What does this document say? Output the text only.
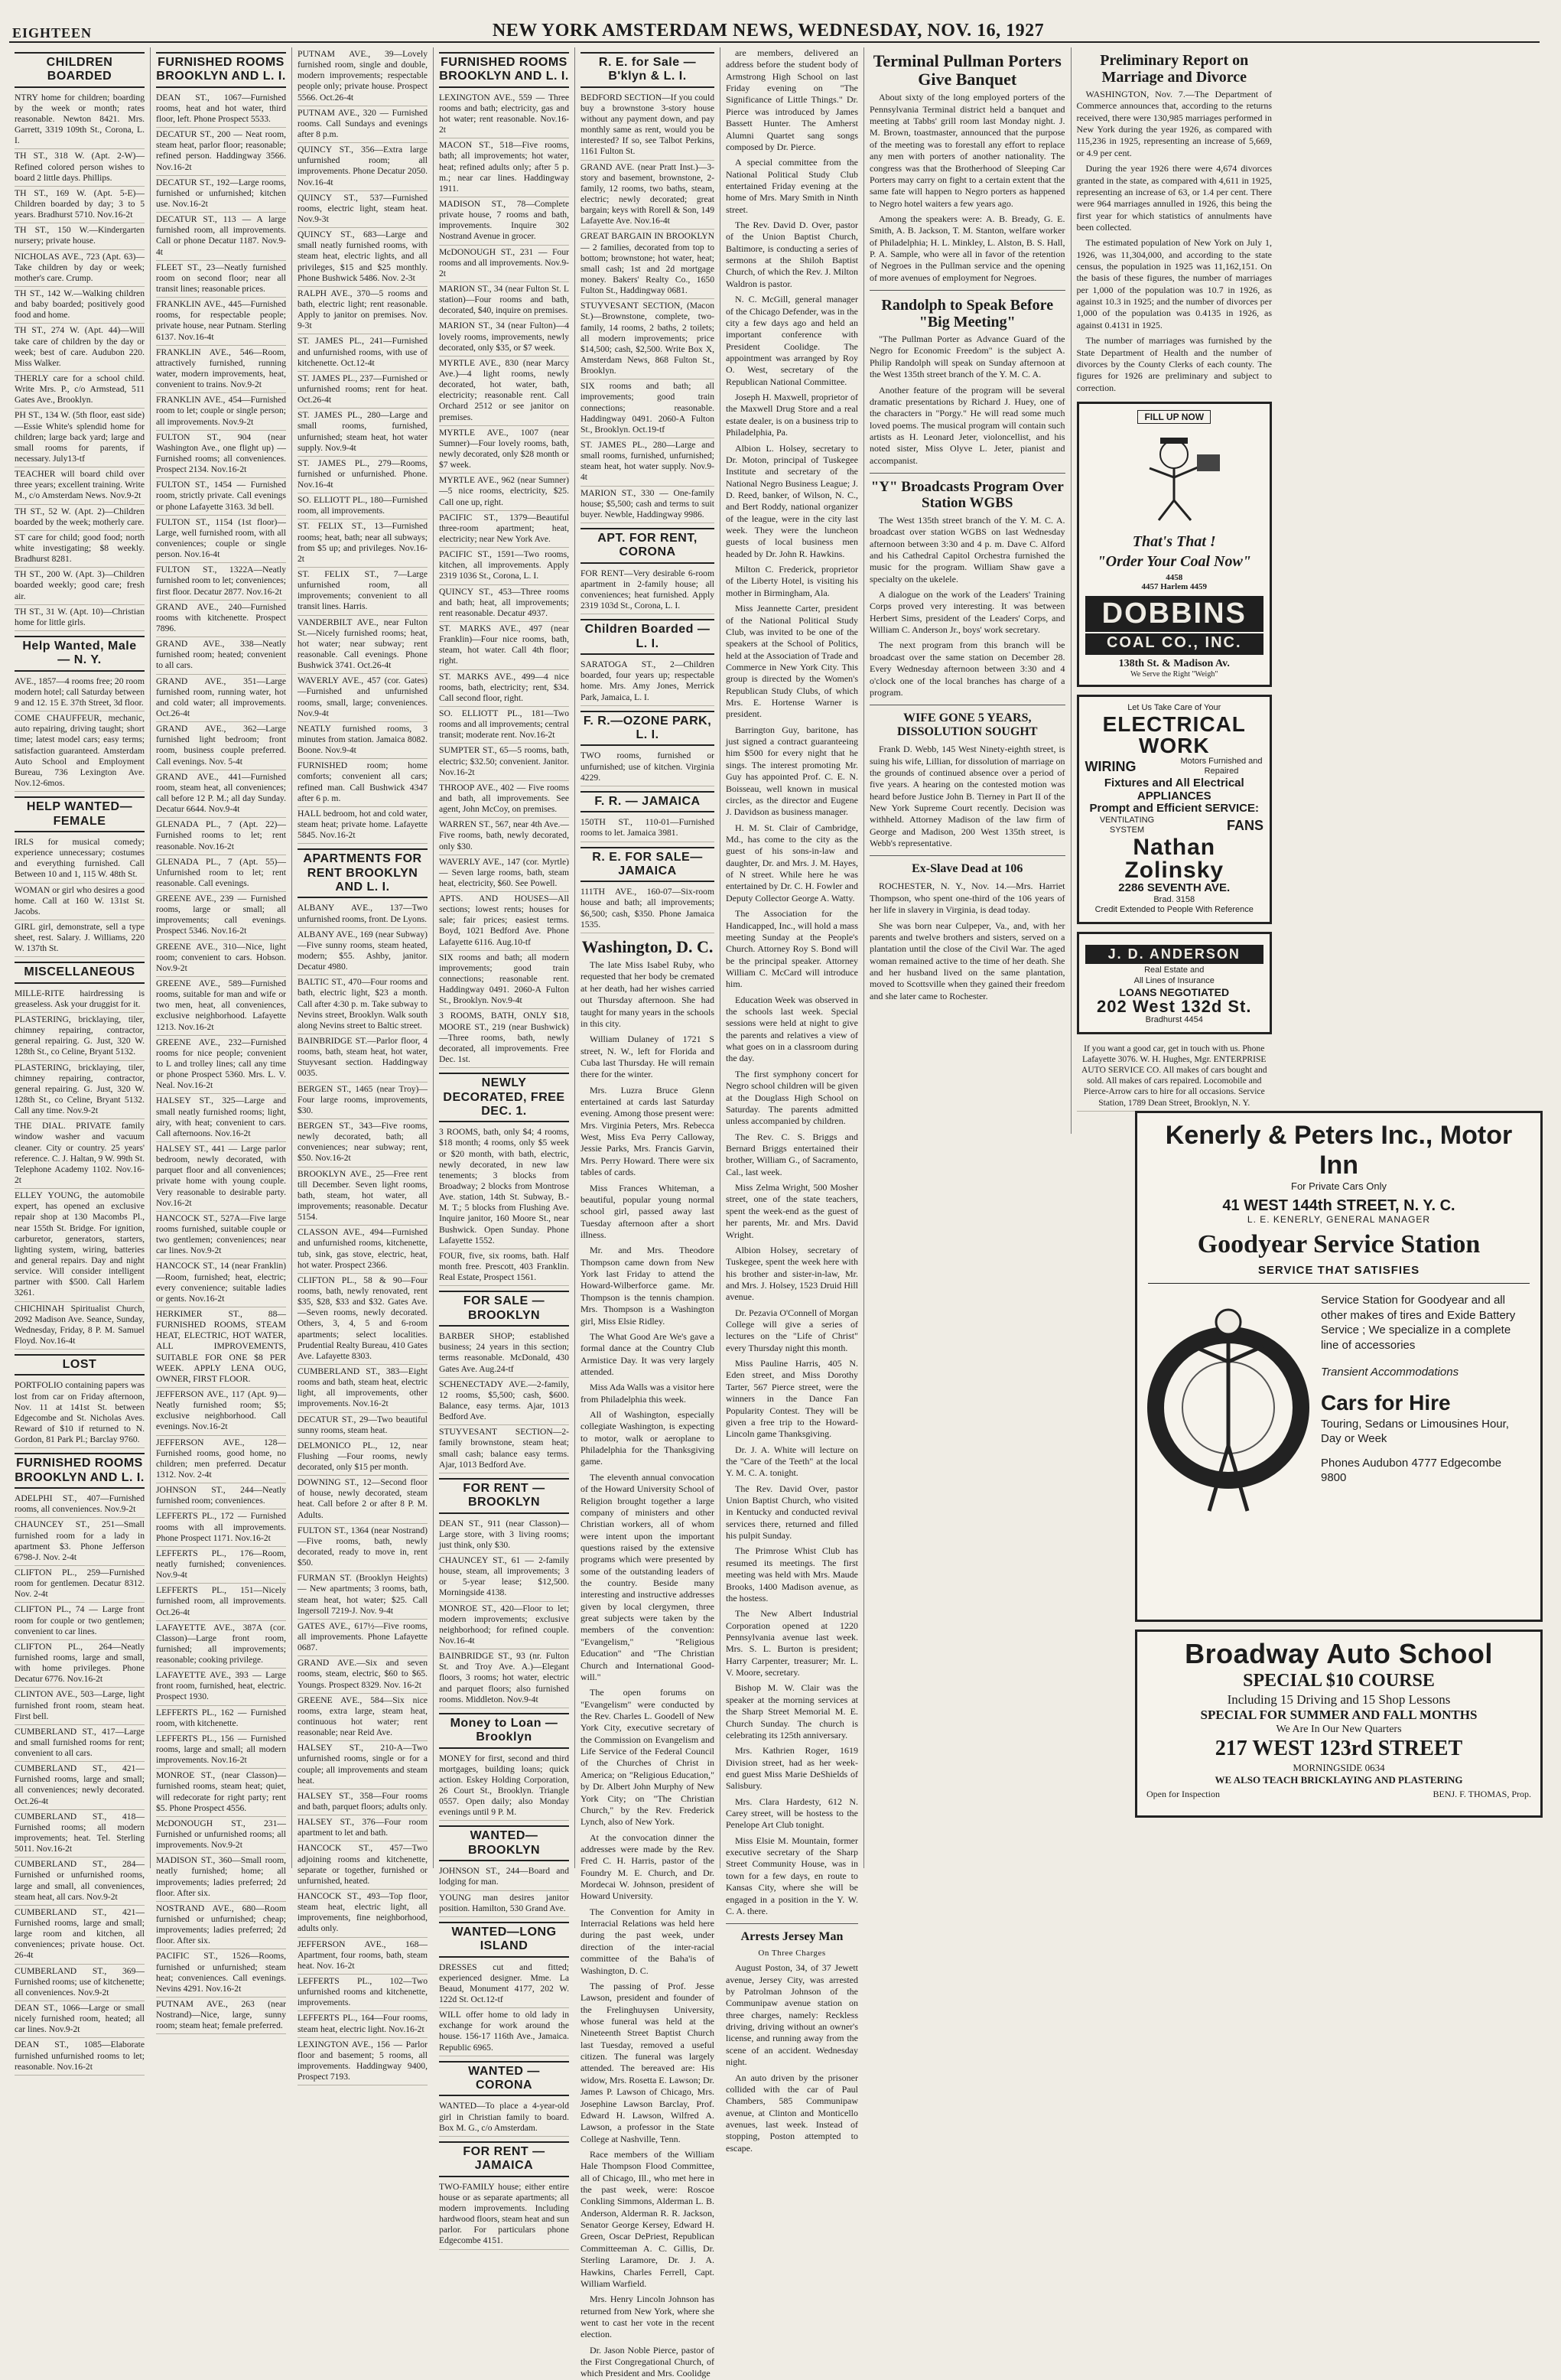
EIGHTEEN	NEW YORK AMSTERDAM NEWS, WEDNESDAY, NOV. 16, 1927
CHILDREN BOARDED
NTRY home for children; boarding by the week or month; rates reasonable. Newton 8421. Mrs. Garrett, 3319 109th St., Corona, L. I.
TH ST., 318 W. (Apt. 2-W)—Refined colored person wishes to board 2 little days. Phillips.
TH ST., 169 W. (Apt. 5-E)—Children boarded by day; 3 to 5 years. Bradhurst 5710. Nov.16-2t
TH ST., 150 W.—Kindergarten nursery; private house.
NICHOLAS AVE., 723 (Apt. 63)—Take children by day or week; mother's care. Crump.
TH ST., 142 W.—Walking children and baby boarded; positively good food and home.
TH ST., 274 W. (Apt. 44)—Will take care of children by the day or week; best of care. Audubon 220. Miss Walker.
THERLY care for a school child. Write Mrs. P., c/o Armstead, 511 Gates Ave., Brooklyn.
PH ST., 134 W. (5th floor, east side)—Essie White's splendid home for children; large back yard; large and small rooms for parents, if necessary. July13-tf
TEACHER will board child over three years; excellent training. Write M., c/o Amsterdam News. Nov.9-2t
TH ST., 52 W. (Apt. 2)—Children boarded by the week; motherly care.
ST care for child; good food; north white investigating; $8 weekly. Bradhurst 8281.
TH ST., 200 W. (Apt. 3)—Children boarded weekly; good care; fresh air.
TH ST., 31 W. (Apt. 10)—Christian home for little girls.
Help Wanted, Male — N. Y.
AVE., 1857—4 rooms free; 20 room modern hotel; call Saturday between 9 and 12. 15 E. 37th Street, 3d floor.
COME CHAUFFEUR, mechanic, auto repairing, driving taught; short time; latest model cars; easy terms; satisfaction guaranteed. Amsterdam Auto School and Employment Bureau, 736 Lexington Ave. Nov.12-6mos.
HELP WANTED—FEMALE
IRLS for musical comedy; experience unnecessary; costumes and everything furnished. Call Between 10 and 1, 115 W. 48th St.
WOMAN or girl who desires a good home. Call at 160 W. 131st St. Jacobs.
GIRL girl, demonstrate, sell a type sheet, rest. Salary. J. Williams, 220 W. 137th St.
MISCELLANEOUS
MILLE-RITE hairdressing is greaseless. Ask your druggist for it.
PLASTERING, bricklaying, tiler, chimney repairing, contractor, general repairing. G. Just, 320 W. 128th St., co Celine, Bryant 5132.
PLASTERING, bricklaying, tiler, chimney repairing, contractor, general repairing. G. Just, 320 W. 128th St., co Celine, Bryant 5132. Call any time. Nov.9-2t
THE DIAL. PRIVATE family window washer and vacuum cleaner. City or country. 25 years' reference. C. J. Haltan, 9 W. 99th St. Telephone Academy 1102. Nov.16-2t
ELLEY YOUNG, the automobile expert, has opened an exclusive repair shop at 130 Macombs Pl., near 155th St. Bridge. For ignition, carburetor, generators, starters, lighting system, wiring, batteries and general repairs. Day and night service. Will consider intelligent partner with $500. Call Harlem 3261.
CHICHINAH Spiritualist Church, 2092 Madison Ave. Seance, Sunday, Wednesday, Friday, 8 P. M. Samuel Floyd. Nov.16-4t
LOST
PORTFOLIO containing papers was lost from car on Friday afternoon, Nov. 11 at 141st St. between Edgecombe and St. Nicholas Aves. Reward of $10 if returned to N. Gordon, 81 Park Pl.; Barclay 9760.
FURNISHED ROOMS BROOKLYN AND L. I.
ADELPHI ST., 407—Furnished rooms, all conveniences. Nov.9-2t
CHAUNCEY ST., 251—Small furnished room for a lady in apartment $3. Phone Jefferson 6798-J. Nov. 2-4t
CLIFTON PL., 259—Furnished room for gentlemen. Decatur 8312. Nov. 2-4t
CLIFTON PL., 74 — Large front room for couple or two gentlemen; convenient to car lines.
CLIFTON PL., 264—Neatly furnished rooms, large and small, with home privileges. Phone Decatur 6776. Nov.16-2t
CLINTON AVE., 503—Large, light furnished front room, steam heat. First bell.
CUMBERLAND ST., 417—Large and small furnished rooms for rent; convenient to all cars.
CUMBERLAND ST., 421—Furnished rooms, large and small; all conveniences; newly decorated. Oct.26-4t
CUMBERLAND ST., 418—Furnished rooms; all modern improvements; heat. Tel. Sterling 5011. Nov.16-2t
CUMBERLAND ST., 284—Furnished or unfurnished rooms, large and small, all conveniences, steam heat, all cars. Nov.9-2t
CUMBERLAND ST., 421—Furnished rooms, large and small; large room and kitchen, all conveniences; private house. Oct. 26-4t
CUMBERLAND ST., 369—Furnished rooms; use of kitchenette; all conveniences. Nov.9-2t
DEAN ST., 1066—Large or small nicely furnished room, heated; all car lines. Nov.9-2t
DEAN ST., 1085—Elaborate furnished unfurnished rooms to let; reasonable. Nov.16-2t
FURNISHED ROOMS BROOKLYN AND L. I.
DEAN ST., 1067—Furnished rooms, heat and hot water, third floor, left. Phone Prospect 5533.
DECATUR ST., 200 — Neat room, steam heat, parlor floor; reasonable; refined person. Haddingway 3566. Nov.16-2t
DECATUR ST., 192—Large rooms, furnished or unfurnished; kitchen use. Nov.16-2t
DECATUR ST., 113 — A large furnished room, all improvements. Call or phone Decatur 1187. Nov.9-4t
FLEET ST., 23—Neatly furnished room on second floor; near all transit lines; reasonable prices.
FRANKLIN AVE., 445—Furnished rooms, for respectable people; private house, near Putnam. Sterling 6137. Nov.16-4t
FRANKLIN AVE., 546—Room, attractively furnished, running water, modern improvements, heat, convenient to trains. Nov.9-2t
FRANKLIN AVE., 454—Furnished room to let; couple or single person; all improvements. Nov.9-2t
FULTON ST., 904 (near Washington Ave., one flight up) — Furnished rooms; all conveniences. Prospect 2134. Nov.16-2t
FULTON ST., 1454 — Furnished room, strictly private. Call evenings or phone Lafayette 3163. 3d bell.
FULTON ST., 1154 (1st floor)—Large, well furnished room, with all conveniences; couple or single person. Nov.16-4t
FULTON ST., 1322A—Neatly furnished room to let; conveniences; first floor. Decatur 2877. Nov.16-2t
GRAND AVE., 240—Furnished rooms with kitchenette. Prospect 7896.
GRAND AVE., 338—Neatly furnished room; heated; convenient to all cars.
GRAND AVE., 351—Large furnished room, running water, hot and cold water; all improvements. Oct.26-4t
GRAND AVE., 362—Large furnished light bedroom; front room, business couple preferred. Call evenings. Nov. 5-4t
GRAND AVE., 441—Furnished room, steam heat, all conveniences; call before 12 P. M.; all day Sunday. Decatur 6644. Nov.9-4t
GLENADA PL., 7 (Apt. 22)—Furnished rooms to let; rent reasonable. Nov.16-2t
GLENADA PL., 7 (Apt. 55)—Unfurnished room to let; rent reasonable. Call evenings.
GREENE AVE., 239 — Furnished rooms, large or small; all improvements; call evenings. Prospect 5346. Nov.16-2t
GREENE AVE., 310—Nice, light room; convenient to cars. Hobson. Nov.9-2t
GREENE AVE., 589—Furnished rooms, suitable for man and wife or two men, heat, all conveniences, exclusive neighborhood. Lafayette 1213. Nov.16-2t
GREENE AVE., 232—Furnished rooms for nice people; convenient to L and trolley lines; call any time or phone Prospect 5360. Mrs. L. V. Neal. Nov.16-2t
HALSEY ST., 325—Large and small neatly furnished rooms; light, airy, with heat; convenient to cars. Call afternoons. Nov.16-2t
HALSEY ST., 441 — Large parlor bedroom, newly decorated, with parquet floor and all conveniences; private home with young couple. Very reasonable to desirable party. Nov.16-2t
HANCOCK ST., 527A—Five large rooms furnished, suitable couple or two gentlemen; conveniences; near car lines. Nov.9-2t
HANCOCK ST., 14 (near Franklin) —Room, furnished; heat, electric; every convenience; suitable ladies or gents. Nov.16-2t
HERKIMER ST., 88—FURNISHED ROOMS, STEAM HEAT, ELECTRIC, HOT WATER, ALL IMPROVEMENTS, SUITABLE FOR ONE $8 PER WEEK. APPLY LENA OUG, OWNER, FIRST FLOOR.
JEFFERSON AVE., 117 (Apt. 9)—Neatly furnished room; $5; exclusive neighborhood. Call evenings. Nov.16-2t
JEFFERSON AVE., 128—Furnished rooms, good home, no children; men preferred. Decatur 1312. Nov. 2-4t
JOHNSON ST., 244—Neatly furnished room; conveniences.
LEFFERTS PL., 172 — Furnished rooms with all improvements. Phone Prospect 1171. Nov.16-2t
LEFFERTS PL., 176—Room, neatly furnished; conveniences. Nov.9-4t
LEFFERTS PL., 151—Nicely furnished room, all improvements. Oct.26-4t
LAFAYETTE AVE., 387A (cor. Classon)—Large front room, furnished; all improvements; reasonable; cooking privilege.
LAFAYETTE AVE., 393 — Large front room, furnished, heat, electric. Prospect 1930.
LEFFERTS PL., 162 — Furnished room, with kitchenette.
LEFFERTS PL., 156 — Furnished rooms, large and small; all modern improvements. Nov.16-2t
MONROE ST., (near Classon)—furnished rooms, steam heat; quiet, will redecorate for right party; rent $5. Phone Prospect 4556.
McDONOUGH ST., 231—Furnished or unfurnished rooms; all improvements. Nov.9-2t
MADISON ST., 360—Small room, neatly furnished; home; all improvements; ladies preferred; 2d floor. After six.
NOSTRAND AVE., 680—Room furnished or unfurnished; cheap; improvements; ladies preferred; 2d floor. After six.
PACIFIC ST., 1526—Rooms, furnished or unfurnished; steam heat; conveniences. Call evenings. Nevins 4291. Nov.16-2t
PUTNAM AVE., 263 (near Nostrand)—Nice, large, sunny room; steam heat; female preferred.
PUTNAM AVE., 39—Lovely furnished room, single and double, modern improvements; respectable people only; private house. Prospect 5566. Oct.26-4t
PUTNAM AVE., 320 — Furnished rooms. Call Sundays and evenings after 8 p.m.
QUINCY ST., 356—Extra large unfurnished room; all improvements. Phone Decatur 2050. Nov.16-4t
QUINCY ST., 537—Furnished rooms, electric light, steam heat. Nov.9-3t
QUINCY ST., 683—Large and small neatly furnished rooms, with steam heat, electric lights, and all privileges, $15 and $25 monthly. Phone Bushwick 5486. Nov. 2-3t
RALPH AVE., 370—5 rooms and bath, electric light; rent reasonable. Apply to janitor on premises. Nov. 9-3t
ST. JAMES PL., 241—Furnished and unfurnished rooms, with use of kitchenette. Oct.12-4t
ST. JAMES PL., 237—Furnished or unfurnished rooms; rent for heat. Oct.26-4t
ST. JAMES PL., 280—Large and small rooms, furnished, unfurnished; steam heat, hot water supply. Nov.9-4t
ST. JAMES PL., 279—Rooms, furnished or unfurnished. Phone. Nov.16-4t
SO. ELLIOTT PL., 180—Furnished room, all improvements.
ST. FELIX ST., 13—Furnished rooms; heat, bath; near all subways; from $5 up; and privileges. Nov.16-2t
ST. FELIX ST., 7—Large unfurnished room, all improvements; convenient to all transit lines. Harris.
VANDERBILT AVE., near Fulton St.—Nicely furnished rooms; heat, hot water; near subway; rent reasonable. Call evenings. Phone Bushwick 3741. Oct.26-4t
WAVERLY AVE., 457 (cor. Gates) —Furnished and unfurnished rooms, small, large; conveniences. Nov.9-4t
NEATLY furnished rooms, 3 minutes from station. Jamaica 8082. Boone. Nov.9-4t
FURNISHED room; home comforts; convenient all cars; refined man. Call Bushwick 4347 after 6 p. m.
HALL bedroom, hot and cold water, steam heat; private home. Lafayette 5845. Nov.16-2t
APARTMENTS FOR RENT BROOKLYN AND L. I.
ALBANY AVE., 137—Two unfurnished rooms, front. De Lyons.
ALBANY AVE., 169 (near Subway) —Five sunny rooms, steam heated, modern; $55. Ashby, janitor. Decatur 4980.
BALTIC ST., 470—Four rooms and bath, electric light, $23 a month. Call after 4:30 p. m. Take subway to Nevins street, Brooklyn. Walk south along Nevins street to Baltic street.
BAINBRIDGE ST.—Parlor floor, 4 rooms, bath, steam heat, hot water, Stuyvesant section. Haddingway 0035.
BERGEN ST., 1465 (near Troy)—Four large rooms, improvements, $30.
BERGEN ST., 343—Five rooms, newly decorated, bath; all conveniences; near subway; rent, $50. Nov.16-2t
BROOKLYN AVE., 25—Free rent till December. Seven light rooms, bath, steam, hot water, all improvements; reasonable. Decatur 5154.
CLASSON AVE., 494—Furnished and unfurnished rooms, kitchenette, tub, sink, gas stove, electric, heat, hot water. Prospect 2366.
CLIFTON PL., 58 & 90—Four rooms, bath, newly renovated, rent $35, $28, $33 and $32. Gates Ave. —Seven rooms, newly decorated. Others, 3, 4, 5 and 6-room apartments; select localities. Prudential Realty Bureau, 410 Gates Ave. Lafayette 8303.
CUMBERLAND ST., 383—Eight rooms and bath, steam heat, electric light, all improvements, other improvements. Nov.16-2t
DECATUR ST., 29—Two beautiful sunny rooms, steam heat.
DELMONICO PL., 12, near Flushing —Four rooms, newly decorated, only $15 per month.
DOWNING ST., 12—Second floor of house, newly decorated, steam heat. Call before 2 or after 8 P. M. Adults.
FULTON ST., 1364 (near Nostrand) —Five rooms, bath, newly decorated, ready to move in, rent $50.
FURMAN ST. (Brooklyn Heights)— New apartments; 3 rooms, bath, steam heat, hot water; $25. Call Ingersoll 7219-J. Nov. 9-4t
GATES AVE., 617½—Five rooms, all improvements. Phone Lafayette 0687.
GRAND AVE.—Six and seven rooms, steam, electric, $60 to $65. Youngs. Prospect 8329. Nov. 16-2t
GREENE AVE., 584—Six nice rooms, extra large, steam heat, continuous hot water; rent reasonable; near Reid Ave.
HALSEY ST., 210-A—Two unfurnished rooms, single or for a couple; all improvements and steam heat.
HALSEY ST., 358—Four rooms and bath, parquet floors; adults only.
HALSEY ST., 376—Four room apartment to let and bath.
HANCOCK ST., 457—Two adjoining rooms and kitchenette, separate or together, furnished or unfurnished, heated.
HANCOCK ST., 493—Top floor, steam heat, electric light, all improvements, fine neighborhood, adults only.
JEFFERSON AVE., 168—Apartment, four rooms, bath, steam heat. Nov. 16-2t
LEFFERTS PL., 102—Two unfurnished rooms and kitchenette, improvements.
LEFFERTS PL., 164—Four rooms, steam heat, electric light. Nov.16-2t
LEXINGTON AVE., 156 — Parlor floor and basement; 5 rooms, all improvements. Haddingway 9400, Prospect 7193.
FURNISHED ROOMS BROOKLYN AND L. I.
LEXINGTON AVE., 559 — Three rooms and bath; electricity, gas and hot water; rent reasonable. Nov.16-2t
MACON ST., 518—Five rooms, bath; all improvements; hot water, heat; refined adults only; after 5 p. m.; near car lines. Haddingway 1911.
MADISON ST., 78—Complete private house, 7 rooms and bath, improvements. Inquire 302 Nostrand Avenue in grocer.
McDONOUGH ST., 231 — Four rooms and all improvements. Nov.9-2t
MARION ST., 34 (near Fulton St. L station)—Four rooms and bath, decorated, $40, inquire on premises.
MARION ST., 34 (near Fulton)—4 lovely rooms, improvements, newly decorated, only $35, or $7 week.
MYRTLE AVE., 830 (near Marcy Ave.)—4 light rooms, newly decorated, hot water, bath, electricity; reasonable rent. Call Orchard 2512 or see janitor on premises.
MYRTLE AVE., 1007 (near Sumner)—Four lovely rooms, bath, newly decorated, only $28 month or $7 week.
MYRTLE AVE., 962 (near Sumner) —5 nice rooms, electricity, $25. Call one up, right.
PACIFIC ST., 1379—Beautiful three-room apartment; heat, electricity; near New York Ave.
PACIFIC ST., 1591—Two rooms, kitchen, all improvements. Apply 2319 1036 St., Corona, L. I.
QUINCY ST., 453—Three rooms and bath; heat, all improvements; rent reasonable. Decatur 4937.
ST. MARKS AVE., 497 (near Franklin)—Four nice rooms, bath, steam, hot water. Call 4th floor; right.
ST. MARKS AVE., 499—4 nice rooms, bath, electricity; rent, $34. Call second floor, right.
SO. ELLIOTT PL., 181—Two rooms and all improvements; central transit; moderate rent. Nov.16-2t
SUMPTER ST., 65—5 rooms, bath, electric; $32.50; convenient. Janitor. Nov.16-2t
THROOP AVE., 402 — Five rooms and bath, all improvements. See agent, John McCoy, on premises.
WARREN ST., 567, near 4th Ave.—Five rooms, bath, newly decorated, only $30.
WAVERLY AVE., 147 (cor. Myrtle) — Seven large rooms, bath, steam heat, electricity, $60. See Powell.
APTS. AND HOUSES—All sections; lowest rents; houses for sale; fair prices; easiest terms. Boyd, 1021 Bedford Ave. Phone Lafayette 6116. Aug.10-tf
SIX rooms and bath; all modern improvements; good train connections; reasonable rent. Haddingway 0491. 2060-A Fulton St., Brooklyn. Nov.9-4t
3 ROOMS, BATH, ONLY $18, MOORE ST., 219 (near Bushwick)—Three rooms, bath, newly decorated, all improvements. Free Dec. 1st.
NEWLY DECORATED, FREE DEC. 1.
3 ROOMS, bath, only $4; 4 rooms, $18 month; 4 rooms, only $5 week or $20 month, with bath, electric, newly decorated, in new law tenements; 3 blocks from Broadway; 2 blocks from Montrose Ave. station, 14th St. Subway, B.-M. T.; 5 blocks from Flushing Ave. Inquire janitor, 160 Moore St., near Bushwick. Open Sunday. Phone Lafayette 1552.
FOUR, five, six rooms, bath. Half month free. Prescott, 403 Franklin. Real Estate, Prospect 1561.
FOR SALE — BROOKLYN
BARBER SHOP; established business; 24 years in this section; terms reasonable. McDonald, 430 Gates Ave. Aug.24-tf
SCHENECTADY AVE.—2-family, 12 rooms, $5,500; cash, $600. Balance, easy terms. Ajar, 1013 Bedford Ave.
STUYVESANT SECTION—2-family brownstone, steam heat; small cash; balance easy terms. Ajar, 1013 Bedford Ave.
FOR RENT — BROOKLYN
DEAN ST., 911 (near Classon)—Large store, with 3 living rooms; just think, only $30.
CHAUNCEY ST., 61 — 2-family house, steam, all improvements; 3 or 5-year lease; $12,500. Morningside 4138.
MONROE ST., 420—Floor to let; modern improvements; exclusive neighborhood; for refined couple. Nov.16-4t
BAINBRIDGE ST., 93 (nr. Fulton St. and Troy Ave. A.)—Elegant floors, 3 rooms; hot water, electric and parquet floors; also furnished rooms. Middleton. Nov.9-4t
Money to Loan — Brooklyn
MONEY for first, second and third mortgages, building loans; quick action. Eskey Holding Corporation, 26 Court St., Brooklyn. Triangle 0557. Open daily; also Monday evenings until 9 P. M.
WANTED—BROOKLYN
JOHNSON ST., 244—Board and lodging for man.
YOUNG man desires janitor position. Hamilton, 530 Grand Ave.
WANTED—LONG ISLAND
DRESSES cut and fitted; experienced designer. Mme. La Beaud, Monument 4177, 202 W. 122d St. Oct.12-tf
WILL offer home to old lady in exchange for work around the house. 156-17 116th Ave., Jamaica. Republic 6965.
WANTED — CORONA
WANTED—To place a 4-year-old girl in Christian family to board. Box M. G., c/o Amsterdam.
FOR RENT — JAMAICA
TWO-FAMILY house; either entire house or as separate apartments; all modern improvements. Including hardwood floors, steam heat and sun parlor. For particulars phone Edgecombe 4151.
R. E. for Sale — B'klyn & L. I.
BEDFORD SECTION—If you could buy a brownstone 3-story house without any payment down, and pay monthly same as rent, would you be interested? If so, see Talbot Perkins, 1161 Fulton St.
GRAND AVE. (near Pratt Inst.)—3-story and basement, brownstone, 2-family, 12 rooms, two baths, steam, electric; newly decorated; great bargain; keys with Rorell & Son, 149 Lafayette Ave. Nov.16-4t
GREAT BARGAIN IN BROOKLYN — 2 families, decorated from top to bottom; brownstone; hot water, heat; small cash; 1st and 2d mortgage money. Bakers' Realty Co., 1650 Fulton St., Haddingway 0681.
STUYVESANT SECTION, (Macon St.)—Brownstone, complete, two-family, 14 rooms, 2 baths, 2 toilets; all modern improvements; price $14,500; cash, $2,500. Write Box X, Amsterdam News, 868 Fulton St., Brooklyn.
SIX rooms and bath; all improvements; good train connections; reasonable. Haddingway 0491. 2060-A Fulton St., Brooklyn. Oct.19-tf
ST. JAMES PL., 280—Large and small rooms, furnished, unfurnished; steam heat, hot water supply. Nov.9-4t
MARION ST., 330 — One-family house; $5,500; cash and terms to suit buyer. Newble, Haddingway 9986.
APT. FOR RENT, CORONA
FOR RENT—Very desirable 6-room apartment in 2-family house; all conveniences; heat furnished. Apply 2319 103d St., Corona, L. I.
Children Boarded — L. I.
SARATOGA ST., 2—Children boarded, four years up; respectable home. Mrs. Amy Jones, Merrick Park, Jamaica, L. I.
F. R.—OZONE PARK, L. I.
TWO rooms, furnished or unfurnished; use of kitchen. Virginia 4229.
F. R. — JAMAICA
150TH ST., 110-01—Furnished rooms to let. Jamaica 3981.
R. E. FOR SALE—JAMAICA
111TH AVE., 160-07—Six-room house and bath; all improvements; $6,500; cash, $350. Phone Jamaica 1535.
Washington, D. C.

The late Miss Isabel Ruby, who requested that her body be cremated at her death, had her wishes carried out Thursday afternoon. She had taught for many years in the schools in this city.

William Dulaney of 1721 S street, N. W., left for Florida and Cuba last Thursday. He will remain there for the winter.

Mrs. Luzra Bruce Glenn entertained at cards last Saturday evening. Among those present were: Mrs. Virginia Peters, Mrs. Rebecca West, Miss Eva Perry Calloway, Jessie Parks, Mrs. Francis Garvin, Mrs. Perry Howard. There were six tables of cards.

Miss Frances Whiteman, a beautiful, popular young normal school girl, passed away last Tuesday afternoon after a short illness.

Mr. and Mrs. Theodore Thompson came down from New York last Friday to attend the Howard-Wilberforce game. Mr. Thompson is the tennis champion. Mrs. Thompson is a Washington girl, Miss Elsie Ridley.

The What Good Are We's gave a formal dance at the Country Club Armistice Day. It was very largely attended.

Miss Ada Walls was a visitor here from Philadelphia this week.

All of Washington, especially collegiate Washington, is expecting to motor, walk or aeroplane to Philadelphia for the Thanksgiving game.

The eleventh annual convocation of the Howard University School of Religion brought together a large company of ministers and other Christian workers, all of whom were intent upon the important questions raised by the extensive programs which were presented by some of the outstanding leaders of the country. Beside many interesting and instructive addresses given by local clergymen, three great subjects were taken by the members of the convention: "Evangelism," "Religious Education" and "The Christian Church and International Good-will."

The open forums on "Evangelism" were conducted by the Rev. Charles L. Goodell of New York City, executive secretary of the Commission on Evangelism and Life Service of the Federal Council of the Churches of Christ in America; on "Religious Education," by Dr. Albert John Murphy of New York City; on "The Christian Church," by the Rev. Frederick Lynch, also of New York.

At the convocation dinner the addresses were made by the Rev. Fred C. H. Harris, pastor of the Foundry M. E. Church, and Dr. Mordecai W. Johnson, president of Howard University.

The Convention for Amity in Interracial Relations was held here during the past week, under direction of the inter-racial committee of the Baha'is of Washington, D. C.

The passing of Prof. Jesse Lawson, president and founder of the Frelinghuysen University, whose funeral was held at the Nineteenth Street Baptist Church last Tuesday, removed a useful citizen. The funeral was largely attended. The bereaved are: His widow, Mrs. Rosetta E. Lawson; Dr. James P. Lawson of Chicago, Mrs. Josephine Lawson Barclay, Prof. Edward H. Lawson, Wilfred A. Lawson, a professor in the State College at Nashville, Tenn.

Race members of the William Hale Thompson Flood Committee, all of Chicago, Ill., who met here in the past week, were: Roscoe Conkling Simmons, Alderman L. B. Anderson, Alderman R. R. Jackson, Senator George Kersey, Edward H. Green, Oscar DePriest, Republican Committeeman A. C. Gillis, Dr. Sterling Laramore, Dr. J. A. Hawkins, Charles Ferrell, Capt. William Warfield.

Mrs. Henry Lincoln Johnson has returned from New York, where she went to cast her vote in the recent election.

Dr. Jason Noble Pierce, pastor of the First Congregational Church, of which President and Mrs. Coolidge

are members, delivered an address before the student body of Armstrong High School on last Friday evening on "The Significance of Little Things." Dr. Pierce was introduced by James Bassett Hunter. The Amherst Alumni Quartet sang songs composed by Dr. Pierce.

A special committee from the National Political Study Club entertained Friday evening at the home of Mrs. Mary Smith in Ninth street.

The Rev. David D. Over, pastor of the Union Baptist Church, Baltimore, is conducting a series of sermons at the Shiloh Baptist Church, of which the Rev. J. Milton Waldron is pastor.

N. C. McGill, general manager of the Chicago Defender, was in the city a few days ago and held an important conference with President Coolidge. The appointment was arranged by Roy O. West, secretary of the Republican National Committee.

Joseph H. Maxwell, proprietor of the Maxwell Drug Store and a real estate dealer, is on a business trip to Philadelphia, Pa.

Albion L. Holsey, secretary to Dr. Moton, principal of Tuskegee Institute and secretary of the National Negro Business League; J. D. Reed, banker, of Wilson, N. C., and Bert Roddy, national organizer of the league, were in the city last week. They were the luncheon guests of local business men headed by Dr. John R. Hawkins.

Milton C. Frederick, proprietor of the Liberty Hotel, is visiting his mother in Birmingham, Ala.

Miss Jeannette Carter, president of the National Political Study Club, was invited to be one of the speakers at the School of Politics, held at the Association of Trade and Commerce in New York City. This group is directed by the Women's Republican Study Clubs, of which Mrs. E. Hortense Warner is president.

Barrington Guy, baritone, has just signed a contract guaranteeing him $500 for every night that he sings. The interest promoting Mr. Guy has appointed Prof. C. E. N. Boisseau, well known in musical circles, as the director and Eugene J. Davidson as business manager.

H. M. St. Clair of Cambridge, Md., has come to the city as the guest of his sons-in-law and daughter, Dr. and Mrs. J. M. Hayes, of N street. While here he was entertained by Dr. C. H. Fowler and Deputy Collector George A. Watty.

The Association for the Handicapped, Inc., will hold a mass meeting Sunday at the People's Church. Attorney Roy S. Bond will be the principal speaker. Attorney William C. McCard will introduce him.

Education Week was observed in the schools last week. Special sessions were held at night to give the parents and relatives a view of what goes on in a classroom during the day.

The first symphony concert for Negro school children will be given at the Douglass High School on Saturday. The parents admitted unless accompanied by children.

The Rev. C. S. Briggs and Bernard Briggs entertained their brother, William G., of Sacramento, Cal., last week.

Miss Zelma Wright, 500 Mosher street, one of the state teachers, spent the week-end as the guest of her parents, Mr. and Mrs. David Wright.

Albion Holsey, secretary of Tuskegee, spent the week here with his brother and sister-in-law, Mr. and Mrs. J. Holsey, 1523 Druid Hill avenue.

Dr. Pezavia O'Connell of Morgan College will give a series of lectures on the "Life of Christ" every Thursday night this month.

Miss Pauline Harris, 405 N. Eden street, and Miss Dorothy Tarter, 567 Pierce street, were the winners in the Dance Fan Popularity Contest. They will be given a free trip to the Howard-Lincoln game Thanksgiving.

Dr. J. A. White will lecture on the "Care of the Teeth" at the local Y. M. C. A. tonight.

The Rev. David Over, pastor Union Baptist Church, who visited in Kentucky and conducted revival services there, returned and filled his pulpit Sunday.

The Primrose Whist Club has resumed its meetings. The first meeting was held with Mrs. Maude Brooks, 1400 Madison avenue, as the hostess.

The New Albert Industrial Corporation opened at 1220 Pennsylvania avenue last week. Mrs. S. L. Burton is president; Harry Carpenter, treasurer; Mr. L. V. Moore, secretary.

Bishop M. W. Clair was the speaker at the morning services at the Sharp Street Memorial M. E. Church Sunday. The church is celebrating its 125th anniversary.

Mrs. Kathrien Roger, 1619 Division street, had as her week-end guest Miss Marie DeShields of Salisbury.

Mrs. Clara Hardesty, 612 N. Carey street, will be hostess to the Penelope Art Club tonight.

Miss Elsie M. Mountain, former executive secretary of the Sharp Street Community House, was in town for a few days, en route to Kansas City, where she will be engaged in a position in the Y. W. C. A. there.

Arrests Jersey Man
On Three Charges

August Poston, 34, of 37 Jewett avenue, Jersey City, was arrested by Patrolman Johnson of the Communipaw avenue station on three charges, namely: Reckless driving, driving without an owner's license, and running away from the scene of an accident. Wednesday night.

An auto driven by the prisoner collided with the car of Paul Chambers, 585 Communipaw avenue, at Clinton and Monticello avenues, last week. Instead of stopping, Poston attempted to escape.

Terminal Pullman Porters Give Banquet

About sixty of the long employed porters of the Pennsylvania Terminal district held a banquet and meeting at Tabbs' grill room last Monday night. J. M. Brown, toastmaster, announced that the purpose of the meeting was to forestall any effort to replace any men with porters of another nationality. The congress was that the Brotherhood of Sleeping Car Porters may carry on fight to a certain extent that the same fate will happen to Negro porters as happened to Negro hotel waiters a few years ago.

Among the speakers were: A. B. Bready, G. E. Smith, A. B. Jackson, T. M. Stanton, welfare worker of Philadelphia; H. L. Minkley, L. Alston, B. S. Hall, P. A. Sample, who were all in favor of the retention of Negroes in the Pullman service and the opening of more avenues of employment for Negroes.

Randolph to Speak Before "Big Meeting"

"The Pullman Porter as Advance Guard of the Negro for Economic Freedom" is the subject A. Philip Randolph will speak on Sunday afternoon at the West 135th street branch of the Y. M. C. A.

Another feature of the program will be several dramatic presentations by Richard J. Huey, one of the characters in "Porgy." He will read some much loved poems. The musical program will contain such artists as H. Leonard Jeter, violoncellist, and his noted sister, Miss Olyve L. Jeter, pianist and accompanist.

"Y" Broadcasts Program Over Station WGBS

The West 135th street branch of the Y. M. C. A. broadcast over station WGBS on last Wednesday afternoon between 3:30 and 4 p. m. Dave C. Alford and his Cathedral Capitol Orchestra furnished the music for the program. William Shaw gave a specialty on the ukelele.

A dialogue on the work of the Leaders' Training Corps proved very interesting. It was between Herbert Sims, president of the Leaders' Corps, and William C. Anderson Jr., boys' work secretary.

The next program from this branch will be broadcast over the same station on December 28. Every Wednesday afternoon between 3:30 and 4 o'clock one of the local branches has charge of a program.

WIFE GONE 5 YEARS, DISSOLUTION SOUGHT

Frank D. Webb, 145 West Ninety-eighth street, is suing his wife, Lillian, for dissolution of marriage on the grounds of continued absence over a period of five years. A hearing on the contested motion was heard before Justice John B. Tierney in Part II of the New York Supreme Court recently. Decision was withheld. Attorney Madison of the law firm of George and Madison, 200 West 135th street, is Webb's representative.

Ex-Slave Dead at 106

ROCHESTER, N. Y., Nov. 14.—Mrs. Harriet Thompson, who spent one-third of the 106 years of her life in slavery in Virginia, is dead today.

She was born near Culpeper, Va., and, with her parents and twelve brothers and sisters, served on a plantation until the close of the Civil War. The aged woman remained active to the time of her death. She and her husband lived on the same plantation, moved to Scottsville when they gained their freedom and she later came to Rochester.

Preliminary Report on Marriage and Divorce

WASHINGTON, Nov. 7.—The Department of Commerce announces that, according to the returns received, there were 130,985 marriages performed in New York during the year 1926, as compared with 115,236 in 1925, representing an increase of 5,669, or 4.9 per cent.

During the year 1926 there were 4,674 divorces granted in the state, as compared with 4,611 in 1925, representing an increase of 63, or 1.4 per cent. There were 964 marriages annulled in 1926, this being the first year for which statistics of annulments have been collected.

The estimated population of New York on July 1, 1926, was 11,304,000, and according to the state census, the population in 1925 was 11,162,151. On the basis of these figures, the number of marriages per 1,000 of the population was 10.7 in 1926, as against 10.3 in 1925; and the number of divorces per 1,000 of the population was 0.4135 in 1926, as against 0.4131 in 1925.

The number of marriages was furnished by the State Department of Health and the number of divorces by the County Clerks of each county. The figures for 1926 are preliminary and subject to correction.

FILL UP NOW
That's That !
"Order Your Coal Now"
4458
4457 Harlem 4459
DOBBINS
COAL CO., INC.
138th St. & Madison Av.
We Serve the Right "Weigh"
Let Us Take Care of Your
ELECTRICAL WORK
WIRING	Motors Furnished and Repaired
Fixtures and All Electrical APPLIANCES
Prompt and Efficient SERVICE:
VENTILATING SYSTEM	FANS
Nathan Zolinsky
2286 SEVENTH AVE.
Brad. 3158
Credit Extended to People With Reference
J. D. ANDERSON
Real Estate and
All Lines of Insurance
LOANS NEGOTIATED
202 West 132d St.
Bradhurst 4454
If you want a good car, get in touch with us. Phone Lafayette 3076. W. H. Hughes, Mgr. ENTERPRISE AUTO SERVICE CO. All makes of cars bought and sold. All makes of cars repaired. Locomobile and Pierce-Arrow cars to hire for all occasions. Service Station, 1789 Dean Street, Brooklyn, N. Y.
Kenerly & Peters Inc., Motor Inn
For Private Cars Only
41 WEST 144th STREET, N. Y. C.
L. E. KENERLY, GENERAL MANAGER
Goodyear Service Station
SERVICE THAT SATISFIES
Service Station for Goodyear and all other makes of tires and Exide Battery Service ; We specialize in a complete line of accessories
Transient Accommodations
Cars for Hire
Touring, Sedans or Limousines Hour, Day or Week
Phones Audubon 4777 Edgecombe 9800
Broadway Auto School
SPECIAL $10 COURSE
Including 15 Driving and 15 Shop Lessons
SPECIAL FOR SUMMER AND FALL MONTHS
We Are In Our New Quarters
217 WEST 123rd STREET
MORNINGSIDE 0634
WE ALSO TEACH BRICKLAYING AND PLASTERING
Open for Inspection	BENJ. F. THOMAS, Prop.
